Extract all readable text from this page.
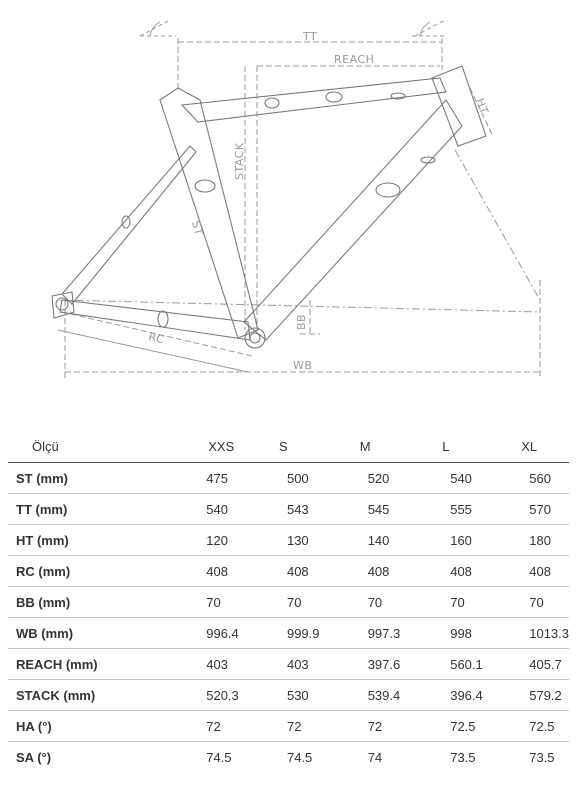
TT
REACH
HT
STACK
ST
BB
RC
WB
Ölçü	XXS	S	M	L	XL
ST (mm)	475	500	520	540	560
TT (mm)	540	543	545	555	570
HT (mm)	120	130	140	160	180
RC (mm)	408	408	408	408	408
BB (mm)	70	70	70	70	70
WB (mm)	996.4	999.9	997.3	998	1013.3
REACH (mm)	403	403	397.6	560.1	405.7
STACK (mm)	520.3	530	539.4	396.4	579.2
HA (°)	72	72	72	72.5	72.5
SA (°)	74.5	74.5	74	73.5	73.5
